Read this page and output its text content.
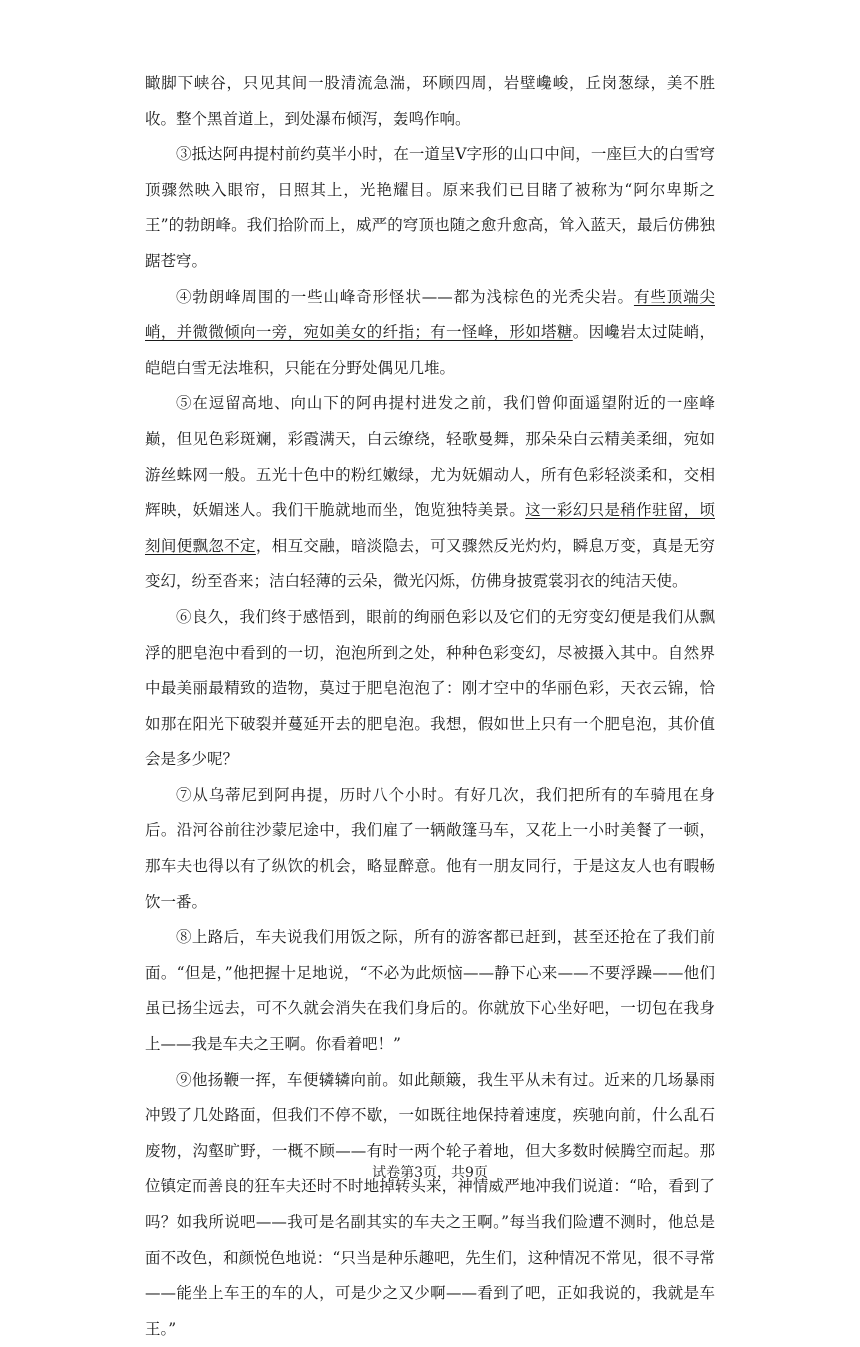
瞰脚下峡谷，只见其间一股清流急湍，环顾四周，岩壁巉峻，丘岗葱绿，美不胜收。整个黑首道上，到处瀑布倾泻，轰鸣作响。

③抵达阿冉提村前约莫半小时，在一道呈Ⅴ字形的山口中间，一座巨大的白雪穹顶骤然映入眼帘，日照其上，光艳耀目。原来我们已目睹了被称为“阿尔卑斯之王”的勃朗峰。我们拾阶而上，威严的穹顶也随之愈升愈高，耸入蓝天，最后仿佛独踞苍穹。

④勃朗峰周围的一些山峰奇形怪状——都为浅棕色的光秃尖岩。有些顶端尖峭，并微微倾向一旁，宛如美女的纤指；有一怪峰，形如塔糖。因巉岩太过陡峭，皑皑白雪无法堆积，只能在分野处偶见几堆。

⑤在逗留高地、向山下的阿冉提村进发之前，我们曾仰面遥望附近的一座峰巅，但见色彩斑斓，彩霞满天，白云缭绕，轻歌曼舞，那朵朵白云精美柔细，宛如游丝蛛网一般。五光十色中的粉红嫩绿，尤为妩媚动人，所有色彩轻淡柔和，交相辉映，妖媚迷人。我们干脆就地而坐，饱览独特美景。这一彩幻只是稍作驻留，顷刻间便飘忽不定，相互交融，暗淡隐去，可又骤然反光灼灼，瞬息万变，真是无穷变幻，纷至沓来；洁白轻薄的云朵，微光闪烁，仿佛身披霓裳羽衣的纯洁天使。

⑥良久，我们终于感悟到，眼前的绚丽色彩以及它们的无穷变幻便是我们从飘浮的肥皂泡中看到的一切，泡泡所到之处，种种色彩变幻，尽被摄入其中。自然界中最美丽最精致的造物，莫过于肥皂泡泡了：刚才空中的华丽色彩，天衣云锦，恰如那在阳光下破裂并蔓延开去的肥皂泡。我想，假如世上只有一个肥皂泡，其价值会是多少呢？

⑦从乌蒂尼到阿冉提，历时八个小时。有好几次，我们把所有的车骑甩在身后。沿河谷前往沙蒙尼途中，我们雇了一辆敞篷马车，又花上一小时美餐了一顿，那车夫也得以有了纵饮的机会，略显醉意。他有一朋友同行，于是这友人也有暇畅饮一番。

⑧上路后，车夫说我们用饭之际，所有的游客都已赶到，甚至还抢在了我们前面。“但是，”他把握十足地说，“不必为此烦恼——静下心来——不要浮躁——他们虽已扬尘远去，可不久就会消失在我们身后的。你就放下心坐好吧，一切包在我身上——我是车夫之王啊。你看着吧！”

⑨他扬鞭一挥，车便辚辚向前。如此颠簸，我生平从未有过。近来的几场暴雨冲毁了几处路面，但我们不停不歇，一如既往地保持着速度，疾驰向前，什么乱石废物，沟壑旷野，一概不顾——有时一两个轮子着地，但大多数时候腾空而起。那位镇定而善良的狂车夫还时不时地掉转头来，神情威严地冲我们说道：“哈，看到了吗？如我所说吧——我可是名副其实的车夫之王啊。”每当我们险遭不测时，他总是面不改色，和颜悦色地说：“只当是种乐趣吧，先生们，这种情况不常见，很不寻常——能坐上车王的车的人，可是少之又少啊——看到了吧，正如我说的，我就是车王。”

试卷第3页，共9页
